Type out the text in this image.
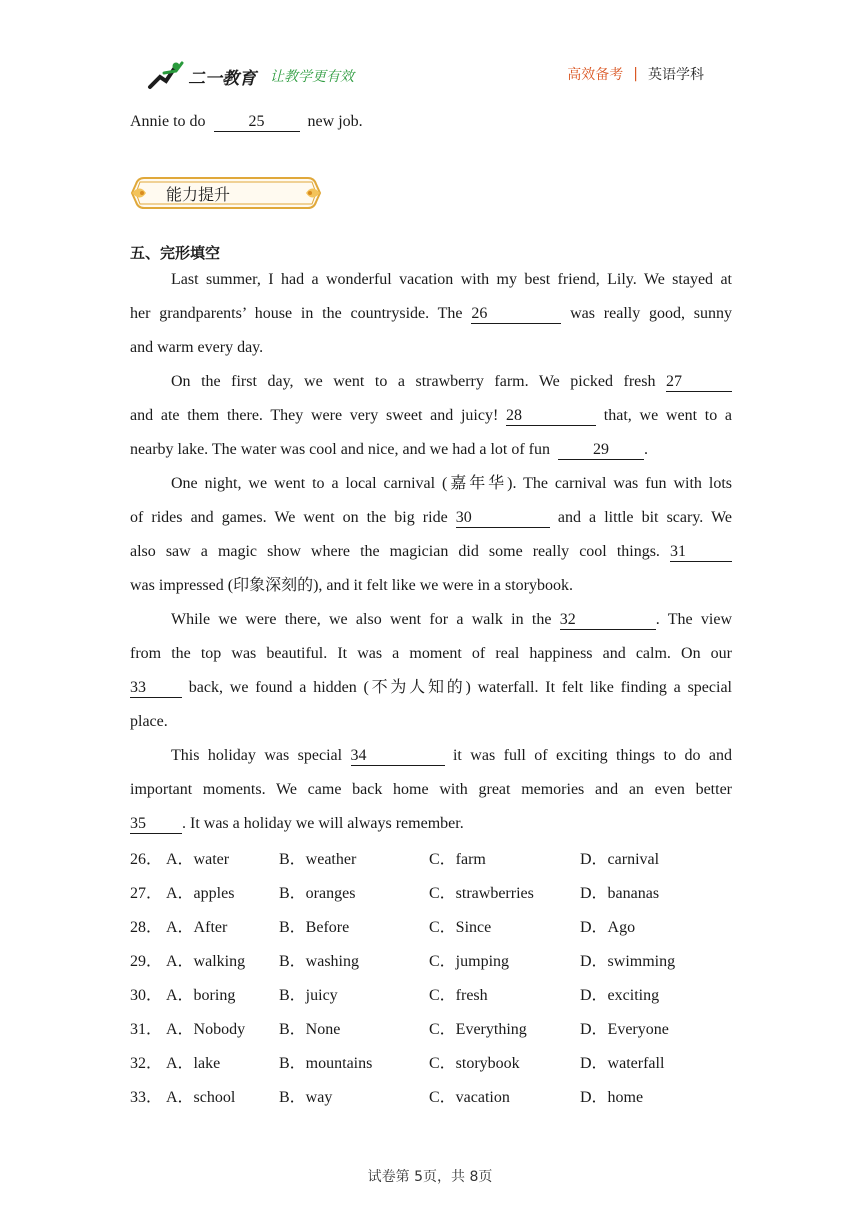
二一教育 让教学更有效	高效备考 | 英语学科
Annie to do	25	new job.
能力提升
五、完形填空
Last summer, I had a wonderful vacation with my best friend, Lily. We stayed at
her grandparents’ house in the countryside. The 26	was really good, sunny
and warm every day.
On the first day, we went to a strawberry farm. We picked fresh 27
and ate them there. They were very sweet and juicy! 28	that, we went to a
nearby lake. The water was cool and nice, and we had a lot of fun	29 .
One night, we went to a local carnival (嘉年华). The carnival was fun with lots
of rides and games. We went on the big ride 30	and a little bit scary. We
also saw a magic show where the magician did some really cool things. 31
was impressed (印象深刻的), and it felt like we were in a storybook.
While we were there, we also went for a walk in the 32	. The view
from the top was beautiful. It was a moment of real happiness and calm. On our
33	back, we found a hidden (不为人知的) waterfall. It felt like finding a special
place.
This holiday was special 34	it was full of exciting things to do and
important moments. We came back home with great memories and an even better
35 . It was a holiday we will always remember.
26． A．water	B．weather	C．farm	D．carnival
27． A．apples	B．oranges	C．strawberries	D．bananas
28． A．After	B．Before	C．Since	D．Ago
29． A．walking B．washing	C．jumping	D．swimming
30． A．boring	B．juicy	C．fresh	D．exciting
31． A．Nobody B．None	C．Everything	D．Everyone
32． A．lake	B．mountains	C．storybook	D．waterfall
33． A．school	B．way	C．vacation	D．home
试卷第 5页，共 8页
